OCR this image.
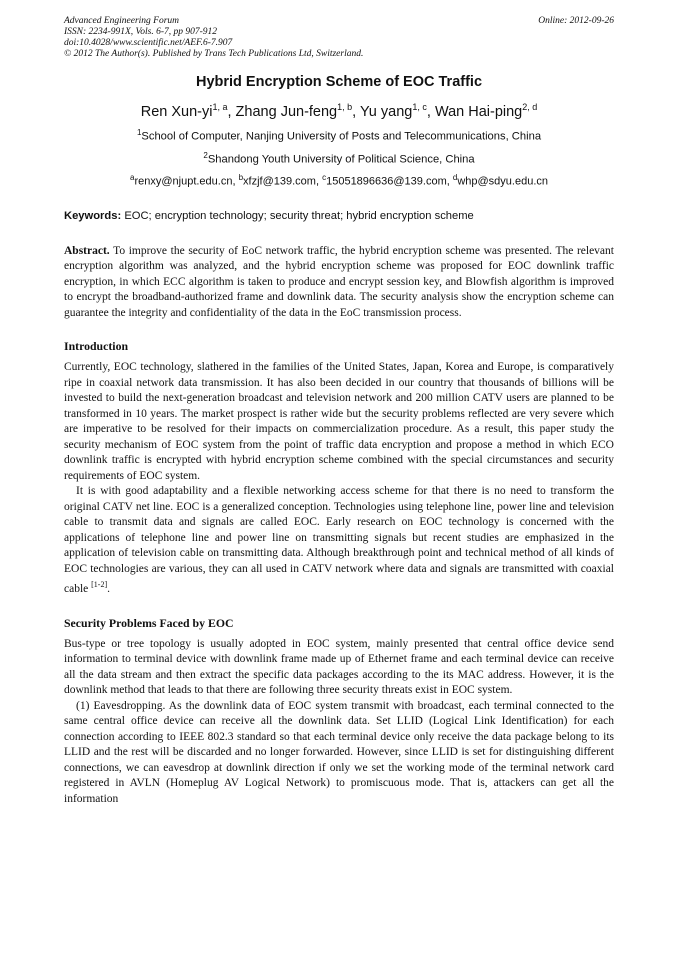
Advanced Engineering Forum	Online: 2012-09-26
ISSN: 2234-991X, Vols. 6-7, pp 907-912
doi:10.4028/www.scientific.net/AEF.6-7.907
© 2012 The Author(s). Published by Trans Tech Publications Ltd, Switzerland.
Hybrid Encryption Scheme of EOC Traffic
Ren Xun-yi$^{1, a}$, Zhang Jun-feng$^{1, b}$, Yu yang$^{1, c}$, Wan Hai-ping$^{2, d}$
$^1$School of Computer, Nanjing University of Posts and Telecommunications, China
$^2$Shandong Youth University of Political Science, China
$^a$renxy@njupt.edu.cn, $^b$xfzjf@139.com, $^c$15051896636@139.com, $^d$whp@sdyu.edu.cn
Keywords: EOC; encryption technology; security threat; hybrid encryption scheme

Abstract. To improve the security of EoC network traffic, the hybrid encryption scheme was presented. The relevant encryption algorithm was analyzed, and the hybrid encryption scheme was proposed for EOC downlink traffic encryption, in which ECC algorithm is taken to produce and encrypt session key, and Blowfish algorithm is improved to encrypt the broadband-authorized frame and downlink data. The security analysis show the encryption scheme can guarantee the integrity and confidentiality of the data in the EoC transmission process.

Introduction

Currently, EOC technology, slathered in the families of the United States, Japan, Korea and Europe, is comparatively ripe in coaxial network data transmission. It has also been decided in our country that thousands of billions will be invested to build the next-generation broadcast and television network and 200 million CATV users are planned to be transformed in 10 years. The market prospect is rather wide but the security problems reflected are very severe which are imperative to be resolved for their impacts on commercialization procedure. As a result, this paper study the security mechanism of EOC system from the point of traffic data encryption and propose a method in which ECO downlink traffic is encrypted with hybrid encryption scheme combined with the special circumstances and security requirements of EOC system.

It is with good adaptability and a flexible networking access scheme for that there is no need to transform the original CATV net line. EOC is a generalized conception. Technologies using telephone line, power line and television cable to transmit data and signals are called EOC. Early research on EOC technology is concerned with the applications of telephone line and power line on transmitting signals but recent studies are emphasized in the application of television cable on transmitting data. Although breakthrough point and technical method of all kinds of EOC technologies are various, they can all used in CATV network where data and signals are transmitted with coaxial cable [1-2].

Security Problems Faced by EOC

Bus-type or tree topology is usually adopted in EOC system, mainly presented that central office device send information to terminal device with downlink frame made up of Ethernet frame and each terminal device can receive all the data stream and then extract the specific data packages according to the its MAC address. However, it is the downlink method that leads to that there are following three security threats exist in EOC system.

(1) Eavesdropping. As the downlink data of EOC system transmit with broadcast, each terminal connected to the same central office device can receive all the downlink data. Set LLID (Logical Link Identification) for each connection according to IEEE 802.3 standard so that each terminal device only receive the data package belong to its LLID and the rest will be discarded and no longer forwarded. However, since LLID is set for distinguishing different connections, we can eavesdrop at downlink direction if only we set the working mode of the terminal network card registered in AVLN (Homeplug AV Logical Network) to promiscuous mode. That is, attackers can get all the information
